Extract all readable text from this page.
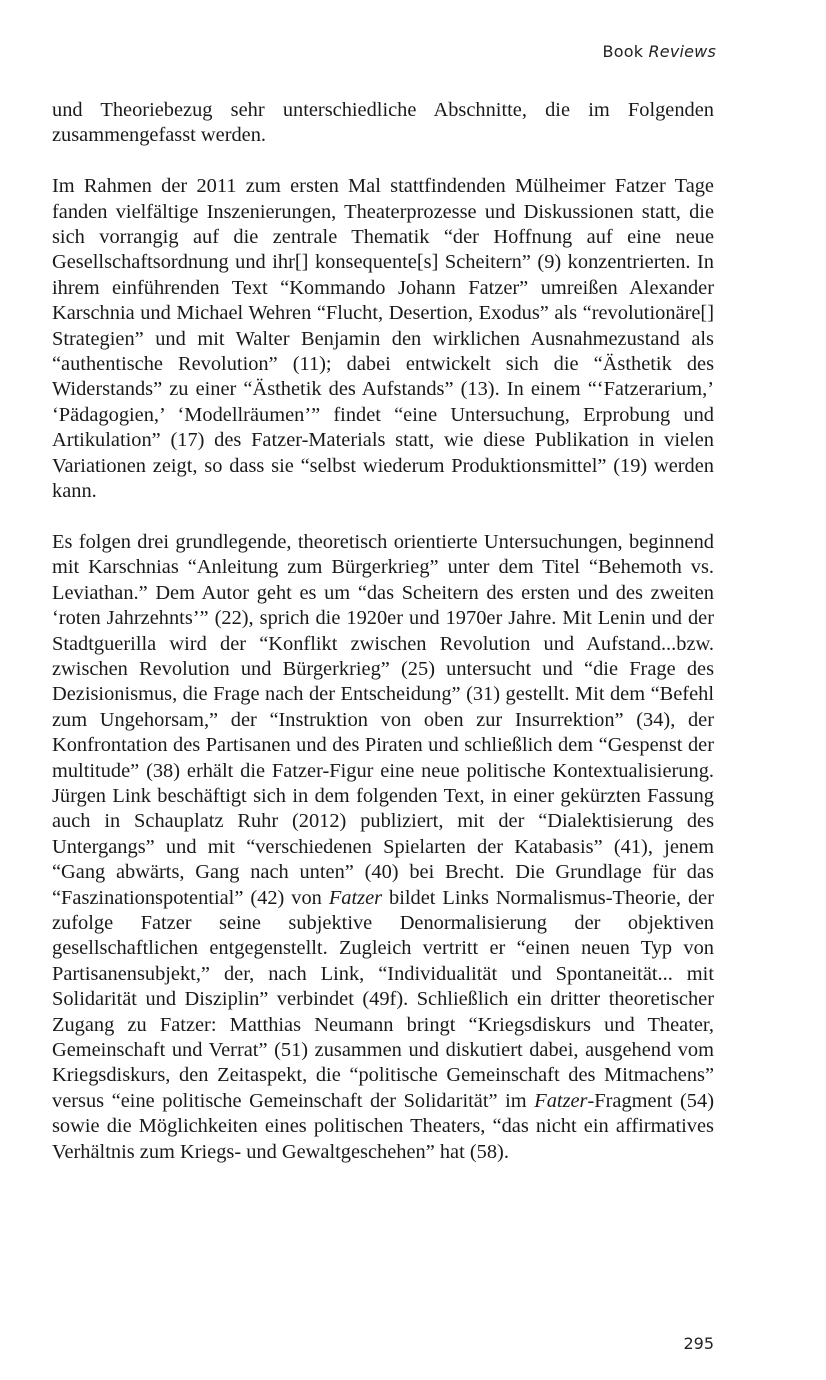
Book Reviews

und Theoriebezug sehr unterschiedliche Abschnitte, die im Folgenden zusammengefasst werden.

Im Rahmen der 2011 zum ersten Mal stattfindenden Mülheimer Fatzer Tage fanden vielfältige Inszenierungen, Theaterprozesse und Diskussionen statt, die sich vorrangig auf die zentrale Thematik “der Hoffnung auf eine neue Gesellschaftsordnung und ihr[] konsequente[s] Scheitern” (9) konzentrierten. In ihrem einführenden Text “Kommando Johann Fatzer” umreißen Alexander Karschnia und Michael Wehren “Flucht, Desertion, Exodus” als “revolutionäre[] Strategien” und mit Walter Benjamin den wirklichen Ausnahmezustand als “authentische Revolution” (11); dabei entwickelt sich die “Ästhetik des Widerstands” zu einer “Ästhetik des Aufstands” (13). In einem “‘Fatzerarium,’ ‘Pädagogien,’ ‘Modellräumen’” findet “eine Untersuchung, Erprobung und Artikulation” (17) des Fatzer-Materials statt, wie diese Publikation in vielen Variationen zeigt, so dass sie “selbst wiederum Produktionsmittel” (19) werden kann.

Es folgen drei grundlegende, theoretisch orientierte Untersuchungen, beginnend mit Karschnias “Anleitung zum Bürgerkrieg” unter dem Titel “Behemoth vs. Leviathan.” Dem Autor geht es um “das Scheitern des ersten und des zweiten ‘roten Jahrzehnts’” (22), sprich die 1920er und 1970er Jahre. Mit Lenin und der Stadtguerilla wird der “Konflikt zwischen Revolution und Aufstand...bzw. zwischen Revolution und Bürgerkrieg” (25) untersucht und “die Frage des Dezisionismus, die Frage nach der Entscheidung” (31) gestellt. Mit dem “Befehl zum Ungehorsam,” der “Instruktion von oben zur Insurrektion” (34), der Konfrontation des Partisanen und des Piraten und schließlich dem “Gespenst der multitude” (38) erhält die Fatzer-Figur eine neue politische Kontextualisierung. Jürgen Link beschäftigt sich in dem folgenden Text, in einer gekürzten Fassung auch in Schauplatz Ruhr (2012) publiziert, mit der “Dialektisierung des Untergangs” und mit “verschiedenen Spielarten der Katabasis” (41), jenem “Gang abwärts, Gang nach unten” (40) bei Brecht. Die Grundlage für das “Faszinationspotential” (42) von Fatzer bildet Links Normalismus-Theorie, der zufolge Fatzer seine subjektive Denormalisierung der objektiven gesellschaftlichen entgegenstellt. Zugleich vertritt er “einen neuen Typ von Partisanensubjekt,” der, nach Link, “Individualität und Spontaneität... mit Solidarität und Disziplin” verbindet (49f). Schließlich ein dritter theoretischer Zugang zu Fatzer: Matthias Neumann bringt “Kriegsdiskurs und Theater, Gemeinschaft und Verrat” (51) zusammen und diskutiert dabei, ausgehend vom Kriegsdiskurs, den Zeitaspekt, die “politische Gemeinschaft des Mitmachens” versus “eine politische Gemeinschaft der Solidarität” im Fatzer-Fragment (54) sowie die Möglichkeiten eines politischen Theaters, “das nicht ein affirmatives Verhältnis zum Kriegs- und Gewaltgeschehen” hat (58).

295
